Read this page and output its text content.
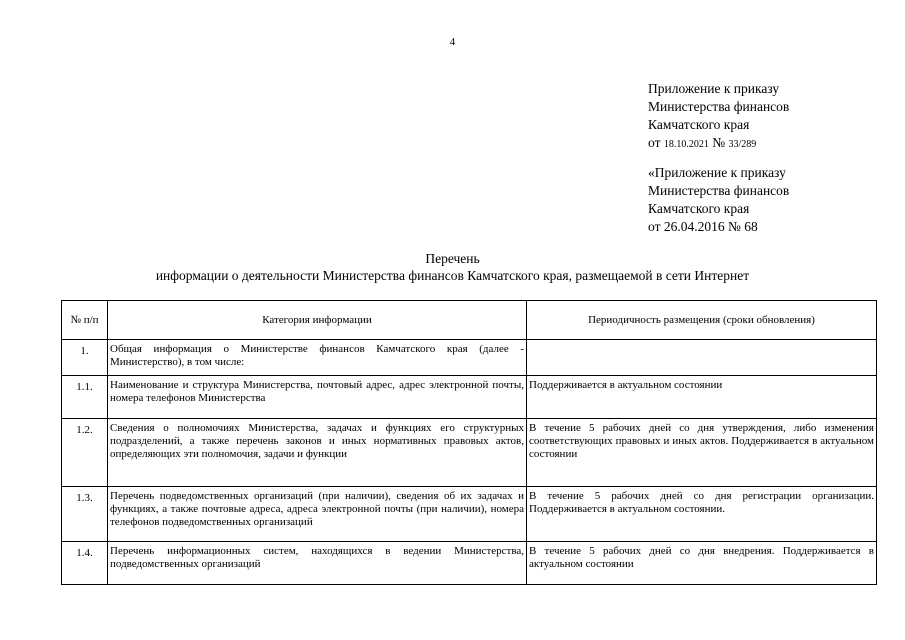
4
Приложение к приказу
Министерства финансов
Камчатского края
от 18.10.2021 № 33/289
«Приложение к приказу
Министерства финансов
Камчатского края
от 26.04.2016 № 68
Перечень
информации о деятельности Министерства финансов Камчатского края, размещаемой в сети Интернет
№ п/п	Категория информации	Периодичность размещения (сроки обновления)
1.	Общая информация о Министерстве финансов Камчатского края (далее - Министерство), в том числе:	
1.1.	Наименование и структура Министерства, почтовый адрес, адрес электронной почты, номера телефонов Министерства	Поддерживается в актуальном состоянии
1.2.	Сведения о полномочиях Министерства, задачах и функциях его структурных подразделений, а также перечень законов и иных нормативных правовых актов, определяющих эти полномочия, задачи и функции	В течение 5 рабочих дней со дня утверждения, либо изменения соответствующих правовых и иных актов. Поддерживается в актуальном состоянии
1.3.	Перечень подведомственных организаций (при наличии), сведения об их задачах и функциях, а также почтовые адреса, адреса электронной почты (при наличии), номера телефонов подведомственных организаций	В течение 5 рабочих дней со дня регистрации организации. Поддерживается в актуальном состоянии.
1.4.	Перечень информационных систем, находящихся в ведении Министерства, подведомственных организаций	В течение 5 рабочих дней со дня внедрения. Поддерживается в актуальном состоянии
